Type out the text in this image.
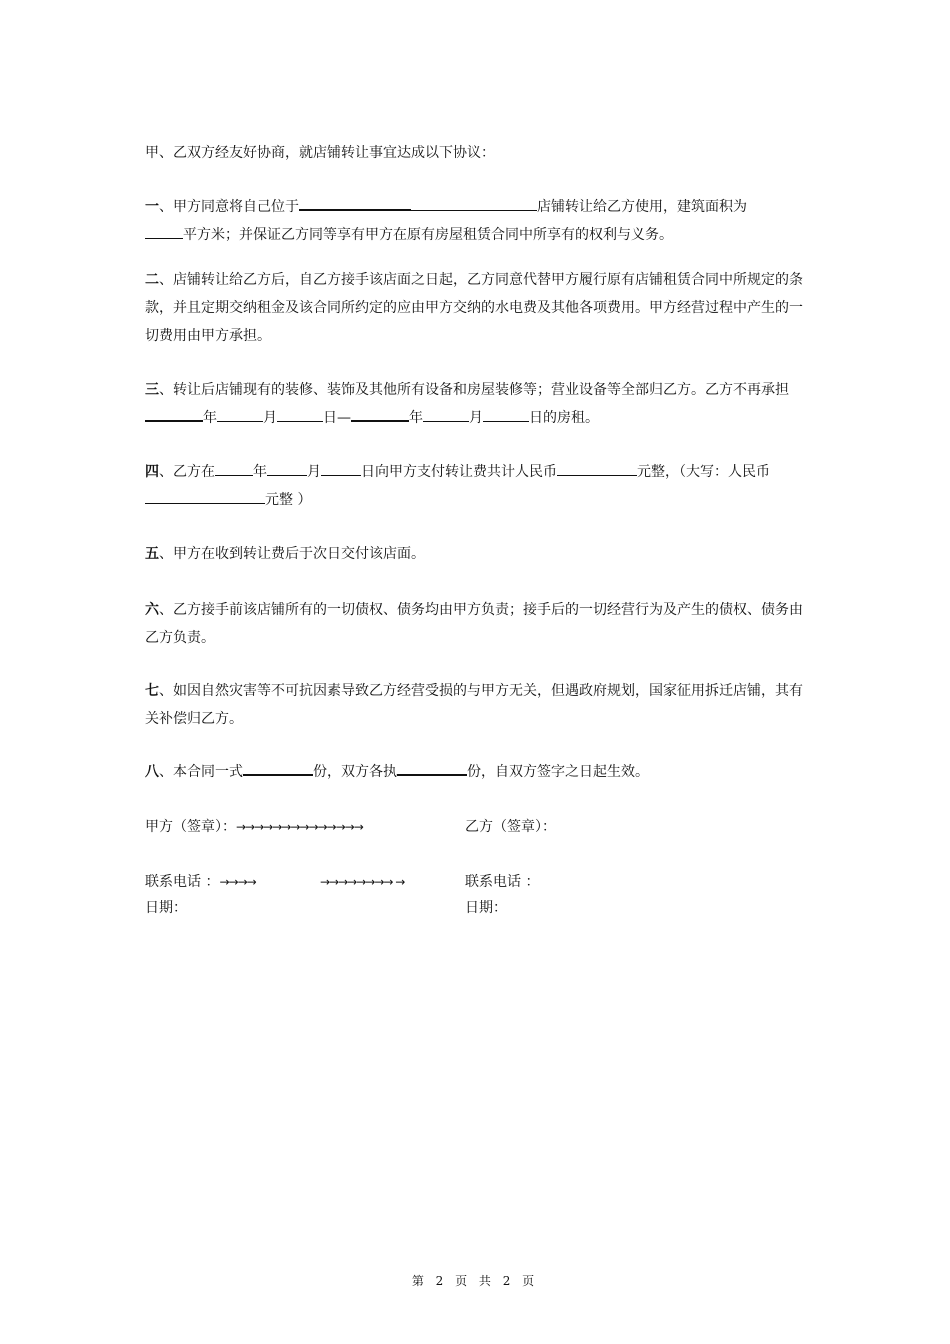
甲、乙双方经友好协商，就店铺转让事宜达成以下协议：
一、甲方同意将自己位于	店铺转让给乙方使用，建筑面积为
平方米；并保证乙方同等享有甲方在原有房屋租赁合同中所享有的权利与义务。
二、店铺转让给乙方后，自乙方接手该店面之日起，乙方同意代替甲方履行原有店铺租赁合同中所规定的条款，并且定期交纳租金及该合同所约定的应由甲方交纳的水电费及其他各项费用。甲方经营过程中产生的一切费用由甲方承担。
三、转让后店铺现有的装修、装饰及其他所有设备和房屋装修等；营业设备等全部归乙方。乙方不再承担年	月	日—	年	月	日的房租。
四、乙方在	年	月	日向甲方支付转让费共计人民币	元整，（大写：人民币元整 ）
五、甲方在收到转让费后于次日交付该店面。
六、乙方接手前该店铺所有的一切债权、债务均由甲方负责；接手后的一切经营行为及产生的债权、债务由乙方负责。
七、如因自然灾害等不可抗因素导致乙方经营受损的与甲方无关，但遇政府规划，国家征用拆迁店铺，其有关补偿归乙方。
八、本合同一式	份，双方各执	份，自双方签字之日起生效。
甲方（签章）：→→→→→→→→→→→→→→	乙方（签章）：
联系电话 ：→→→→	→→→→→→→→ →	联系电话 ：
日期：	日期：
第 2 页 共 2 页
